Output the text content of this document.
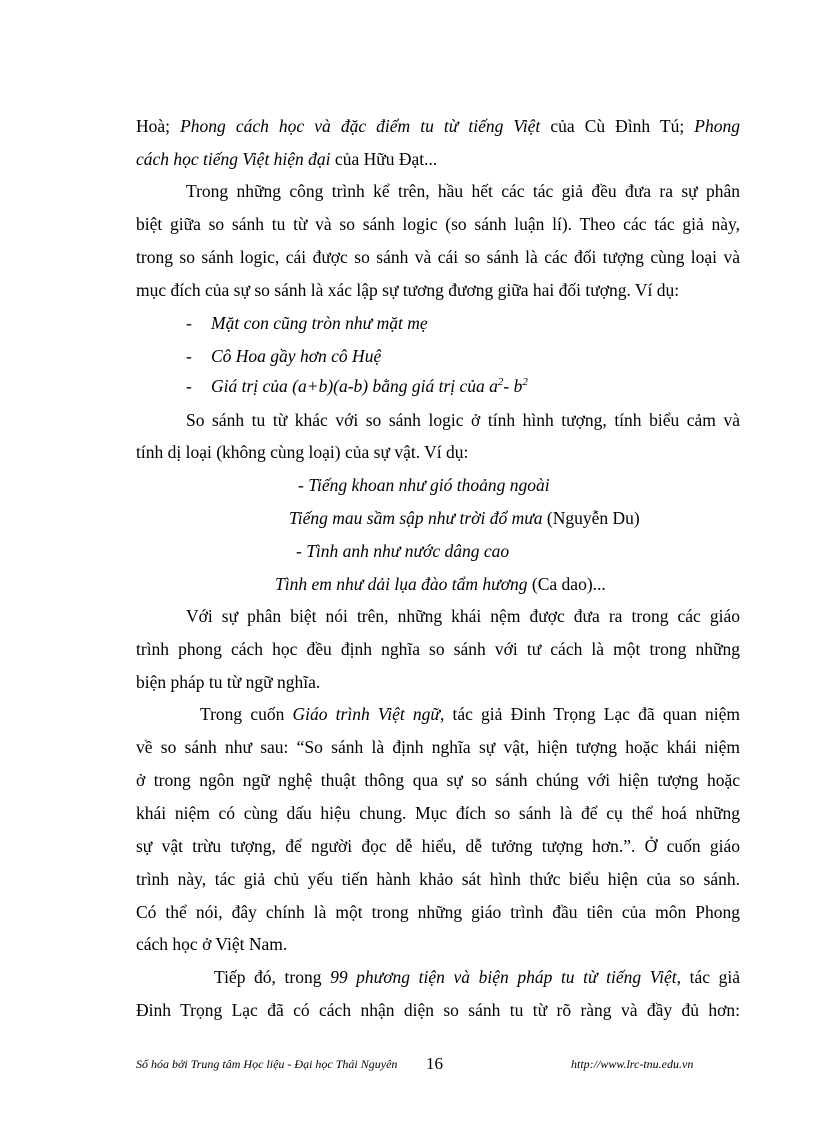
Hoà; Phong cách học và đặc điểm tu từ tiếng Việt của Cù Đình Tú; Phong
cách học tiếng Việt hiện đại của Hữu Đạt...
Trong những công trình kể trên, hầu hết các tác giả đều đưa ra sự phân
biệt giữa so sánh tu từ và so sánh logic (so sánh luận lí). Theo các tác giả này,
trong so sánh logic, cái được so sánh và cái so sánh là các đối tượng cùng loại và
mục đích của sự so sánh là xác lập sự tương đương giữa hai đối tượng. Ví dụ:
- Mặt con cũng tròn như mặt mẹ
- Cô Hoa gầy hơn cô Huệ
- Giá trị của (a+b)(a-b) bằng giá trị của $a^2-$ $b^2$
So sánh tu từ khác với so sánh logic ở tính hình tượng, tính biểu cảm và
tính dị loại (không cùng loại) của sự vật. Ví dụ:
- Tiếng khoan như gió thoảng ngoài
Tiếng mau sầm sập như trời đổ mưa (Nguyễn Du)
- Tình anh như nước dâng cao
Tình em như dải lụa đào tẩm hương (Ca dao)...
Với sự phân biệt nói trên, những khái nệm được đưa ra trong các giáo
trình phong cách học đều định nghĩa so sánh với tư cách là một trong những
biện pháp tu từ ngữ nghĩa.
Trong cuốn Giáo trình Việt ngữ, tác giả Đinh Trọng Lạc đã quan niệm
về so sánh như sau: “So sánh là định nghĩa sự vật, hiện tượng hoặc khái niệm
ở trong ngôn ngữ nghệ thuật thông qua sự so sánh chúng với hiện tượng hoặc
khái niệm có cùng dấu hiệu chung. Mục đích so sánh là để cụ thể hoá những
sự vật trừu tượng, để người đọc dễ hiểu, dễ tưởng tượng hơn.”. Ở cuốn giáo
trình này, tác giả chủ yếu tiến hành khảo sát hình thức biểu hiện của so sánh.
Có thể nói, đây chính là một trong những giáo trình đầu tiên của môn Phong
cách học ở Việt Nam.
Tiếp đó, trong 99 phương tiện và biện pháp tu từ tiếng Việt, tác giả
Đinh Trọng Lạc đã có cách nhận diện so sánh tu từ rõ ràng và đầy đủ hơn:
Số hóa bởi Trung tâm Học liệu - Đại học Thái Nguyên 16	http://www.lrc-tnu.edu.vn
